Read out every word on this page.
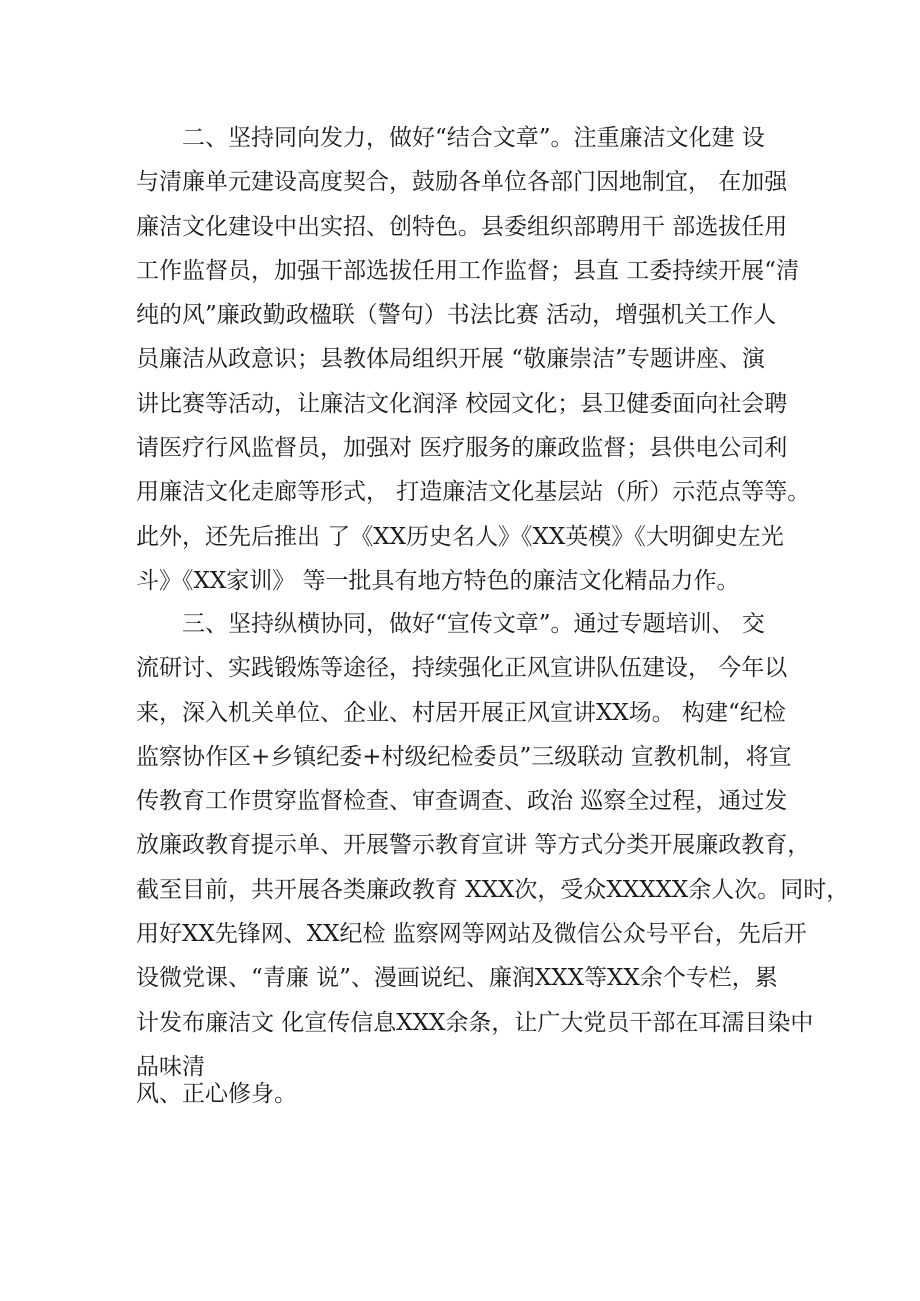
　　二、坚持同向发力，做好“结合文章”。注重廉洁文化建 设
与清廉单元建设高度契合，鼓励各单位各部门因地制宜， 在加强
廉洁文化建设中出实招、创特色。县委组织部聘用干 部选拔任用
工作监督员，加强干部选拔任用工作监督；县直 工委持续开展“清
纯的风”廉政勤政楹联（警句）书法比赛 活动，增强机关工作人
员廉洁从政意识；县教体局组织开展 “敬廉崇洁”专题讲座、演
讲比赛等活动，让廉洁文化润泽 校园文化；县卫健委面向社会聘
请医疗行风监督员，加强对 医疗服务的廉政监督；县供电公司利
用廉洁文化走廊等形式， 打造廉洁文化基层站（所）示范点等等。
此外，还先后推出 了《XX历史名人》《XX英模》《大明御史左光
斗》《XX家训》 等一批具有地方特色的廉洁文化精品力作。
　　三、坚持纵横协同，做好“宣传文章”。通过专题培训、 交
流研讨、实践锻炼等途径，持续强化正风宣讲队伍建设， 今年以
来，深入机关单位、企业、村居开展正风宣讲XX场。 构建“纪检
监察协作区+乡镇纪委+村级纪检委员”三级联动 宣教机制，将宣
传教育工作贯穿监督检查、审查调查、政治 巡察全过程，通过发
放廉政教育提示单、开展警示教育宣讲 等方式分类开展廉政教育，
截至目前，共开展各类廉政教育 XXX次，受众XXXXX余人次。同时，
用好XX先锋网、XX纪检 监察网等网站及微信公众号平台，先后开
设微党课、“青廉 说”、漫画说纪、廉润XXX等XX余个专栏，累
计发布廉洁文 化宣传信息XXX余条，让广大党员干部在耳濡目染中
品味清
风、正心修身。
